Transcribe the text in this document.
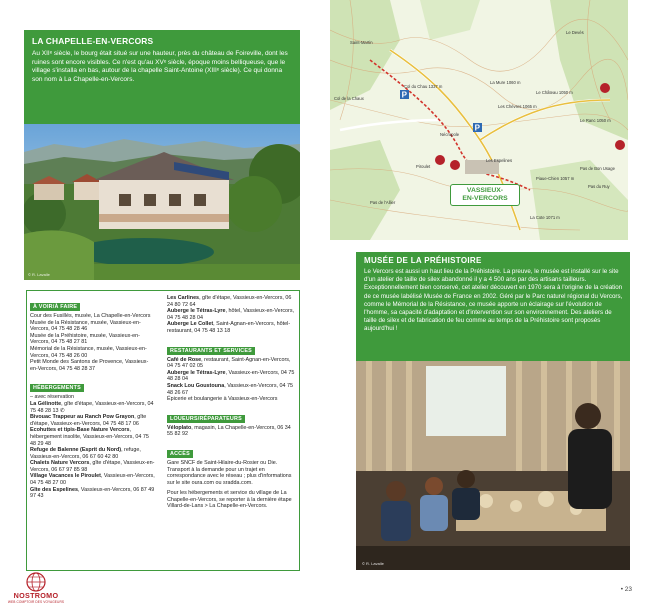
LA CHAPELLE-EN-VERCORS
Au XIIᵉ siècle, le bourg était situé sur une hauteur, près du château de Foireville, dont les ruines sont encore visibles. Ce n'est qu'au XVᵉ siècle, époque moins belliqueuse, que le village s'installa en bas, autour de la chapelle Saint-Antoine (XIIIᵉ siècle). Ce qui donna son nom à La Chapelle-en-Vercors.
© R. Lavalle
À VOIR/À FAIRE
Cour des Fusillés, musée, La Chapelle-en-Vercors
Musée de la Résistance, musée, Vassieux-en-Vercors, 04 75 48 28 46
Musée de la Préhistoire, musée, Vassieux-en-Vercors, 04 75 48 27 81
Mémorial de la Résistance, musée, Vassieux-en-Vercors, 04 75 48 26 00
Petit Monde des Santons de Provence, Vassieux-en-Vercors, 04 75 48 28 37
HÉBERGEMENTS
– avec réservation
La Gélinotte, gîte d'étape, Vassieux-en-Vercors, 04 75 48 28 13 ✆
Bivouac Trappeur au Ranch Pow Grayon, gîte d'étape, Vassieux-en-Vercors, 04 75 48 17 06
Ecohuttes et tipis-Base Nature Vercors, hébergement insolite, Vassieux-en-Vercors, 04 75 48 29 48
Refuge de Balenne (Esprit du Nord), refuge, Vassieux-en-Vercors, 06 67 60 42 80
Chalets Nature Vercors, gîte d'étape, Vassieux-en-Vercors, 06 67 97 85 98
Village Vacances le Piroulet, Vassieux-en-Vercors, 04 75 48 27 00
Gîte des Espelines, Vassieux-en-Vercors, 06 87 49 97 43
Les Carlines, gîte d'étape, Vassieux-en-Vercors, 06 24 80 72 64
Auberge le Tétras-Lyre, hôtel, Vassieux-en-Vercors, 04 75 48 28 04
Auberge Le Collet, Saint-Agnan-en-Vercors, hôtel-restaurant, 04 75 48 13 18
RESTAURANTS ET SERVICES
Café de Rose, restaurant, Saint-Agnan-en-Vercors, 04 75 47 02 05
Auberge le Tétras-Lyre, Vassieux-en-Vercors, 04 75 48 28 04
Snack Lou Goustouna, Vassieux-en-Vercors, 04 75 48 26 67
Épicerie et boulangerie à Vassieux-en-Vercors
LOUEURS/RÉPARATEURS
Véloplato, magasin, La Chapelle-en-Vercors, 06 34 55 82 92
ACCÈS
Gare SNCF de Saint-Hilaire-du-Rosier ou Die. Transport à la demande pour un trajet en correspondance avec le réseau ; plus d'informations sur le site oura.com ou sradda.com.
Pour les hébergements et service du village de La Chapelle-en-Vercors, se reporter à la dernière étape Villard-de-Lans > La Chapelle-en-Vercors.
NOSTROMO
WEB COMPTOIR DES VOYAGEURS
P
P
Saint-Martin
Col de la Chaux
Col du Chau 1337 m
La Mure 1060 m
Le Château 1050 m
Les Chèvres 1065 m
Les Espelines
Nécropole
Piroulet
La Cote 1071 m
Piaue-Chien 1057 m
Pas de Bon Usage
Pas du Ruy
Le Devès
Pas de l'Allier
Le Ranc 1050 m
VASSIEUX-
EN-VERCORS
MUSÉE DE LA PRÉHISTOIRE
Le Vercors est aussi un haut lieu de la Préhistoire. La preuve, le musée est installé sur le site d'un atelier de taille de silex abandonné il y a 4 500 ans par des artisans tailleurs. Exceptionnellement bien conservé, cet atelier découvert en 1970 sera à l'origine de la création de ce musée labélisé Musée de France en 2002. Géré par le Parc naturel régional du Vercors, comme le Mémorial de la Résistance, ce musée apporte un éclairage sur l'évolution de l'homme, sa capacité d'adaptation et d'intervention sur son environnement. Des ateliers de taille de silex et de fabrication de feu comme au temps de la Préhistoire sont proposés aujourd'hui !
© R. Lavalle
• 23
